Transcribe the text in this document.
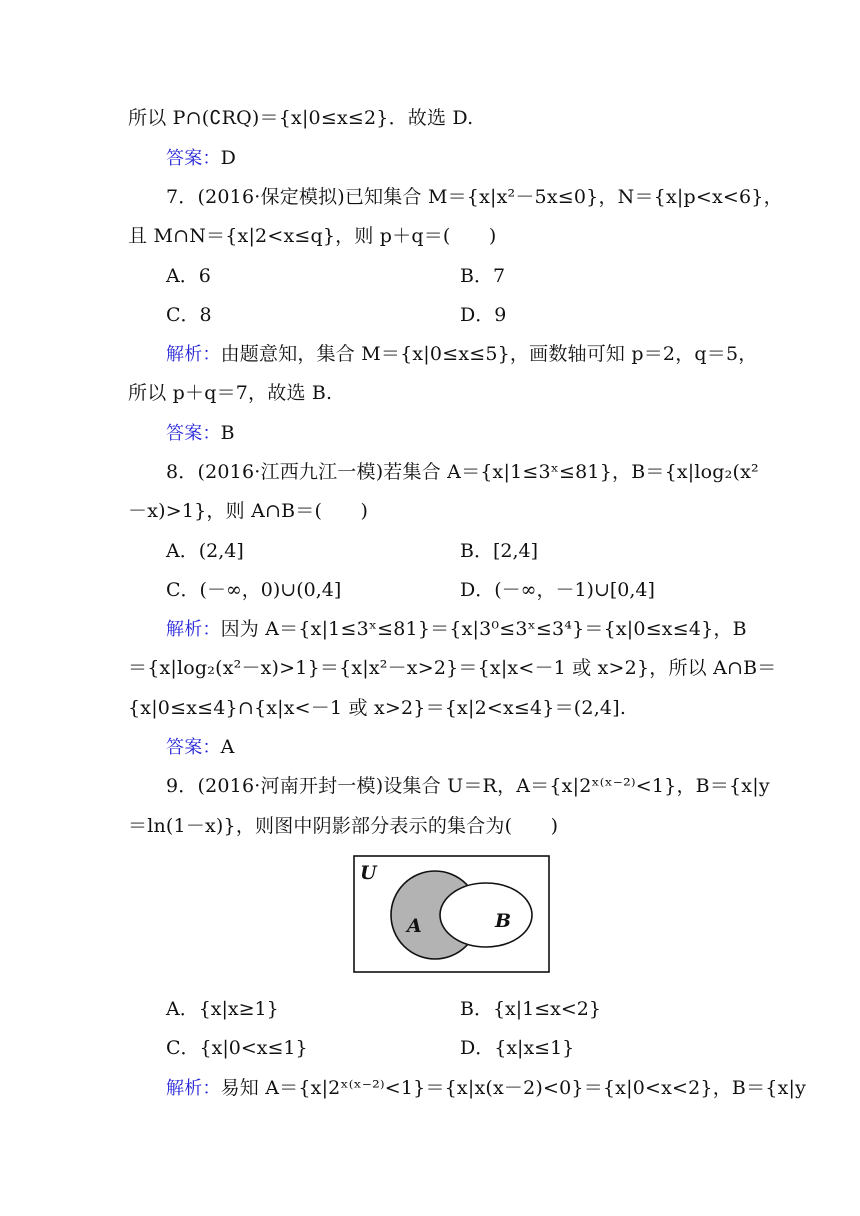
所以 P∩(∁RQ)＝{x|0≤x≤2}．故选 D.
答案：D
7．(2016·保定模拟)已知集合 M＝{x|x²－5x≤0}，N＝{x|p<x<6}，
且 M∩N＝{x|2<x≤q}，则 p＋q＝(　　)
A．6	B．7
C．8	D．9
解析：由题意知，集合 M＝{x|0≤x≤5}，画数轴可知 p＝2，q＝5，
所以 p＋q＝7，故选 B.
答案：B
8．(2016·江西九江一模)若集合 A＝{x|1≤3ˣ≤81}，B＝{x|log₂(x²
－x)>1}，则 A∩B＝(　　)
A．(2,4]	B．[2,4]
C．(－∞，0)∪(0,4]	D．(－∞，－1)∪[0,4]
解析：因为 A＝{x|1≤3ˣ≤81}＝{x|3⁰≤3ˣ≤3⁴}＝{x|0≤x≤4}，B
＝{x|log₂(x²－x)>1}＝{x|x²－x>2}＝{x|x<－1 或 x>2}，所以 A∩B＝
{x|0≤x≤4}∩{x|x<－1 或 x>2}＝{x|2<x≤4}＝(2,4].
答案：A
9．(2016·河南开封一模)设集合 U＝R，A＝{x|2ˣ⁽ˣ⁻²⁾<1}，B＝{x|y
＝ln(1－x)}，则图中阴影部分表示的集合为(　　)
U
A	B
A．{x|x≥1}	B．{x|1≤x<2}
C．{x|0<x≤1}	D．{x|x≤1}
解析：易知 A＝{x|2ˣ⁽ˣ⁻²⁾<1}＝{x|x(x－2)<0}＝{x|0<x<2}，B＝{x|y
